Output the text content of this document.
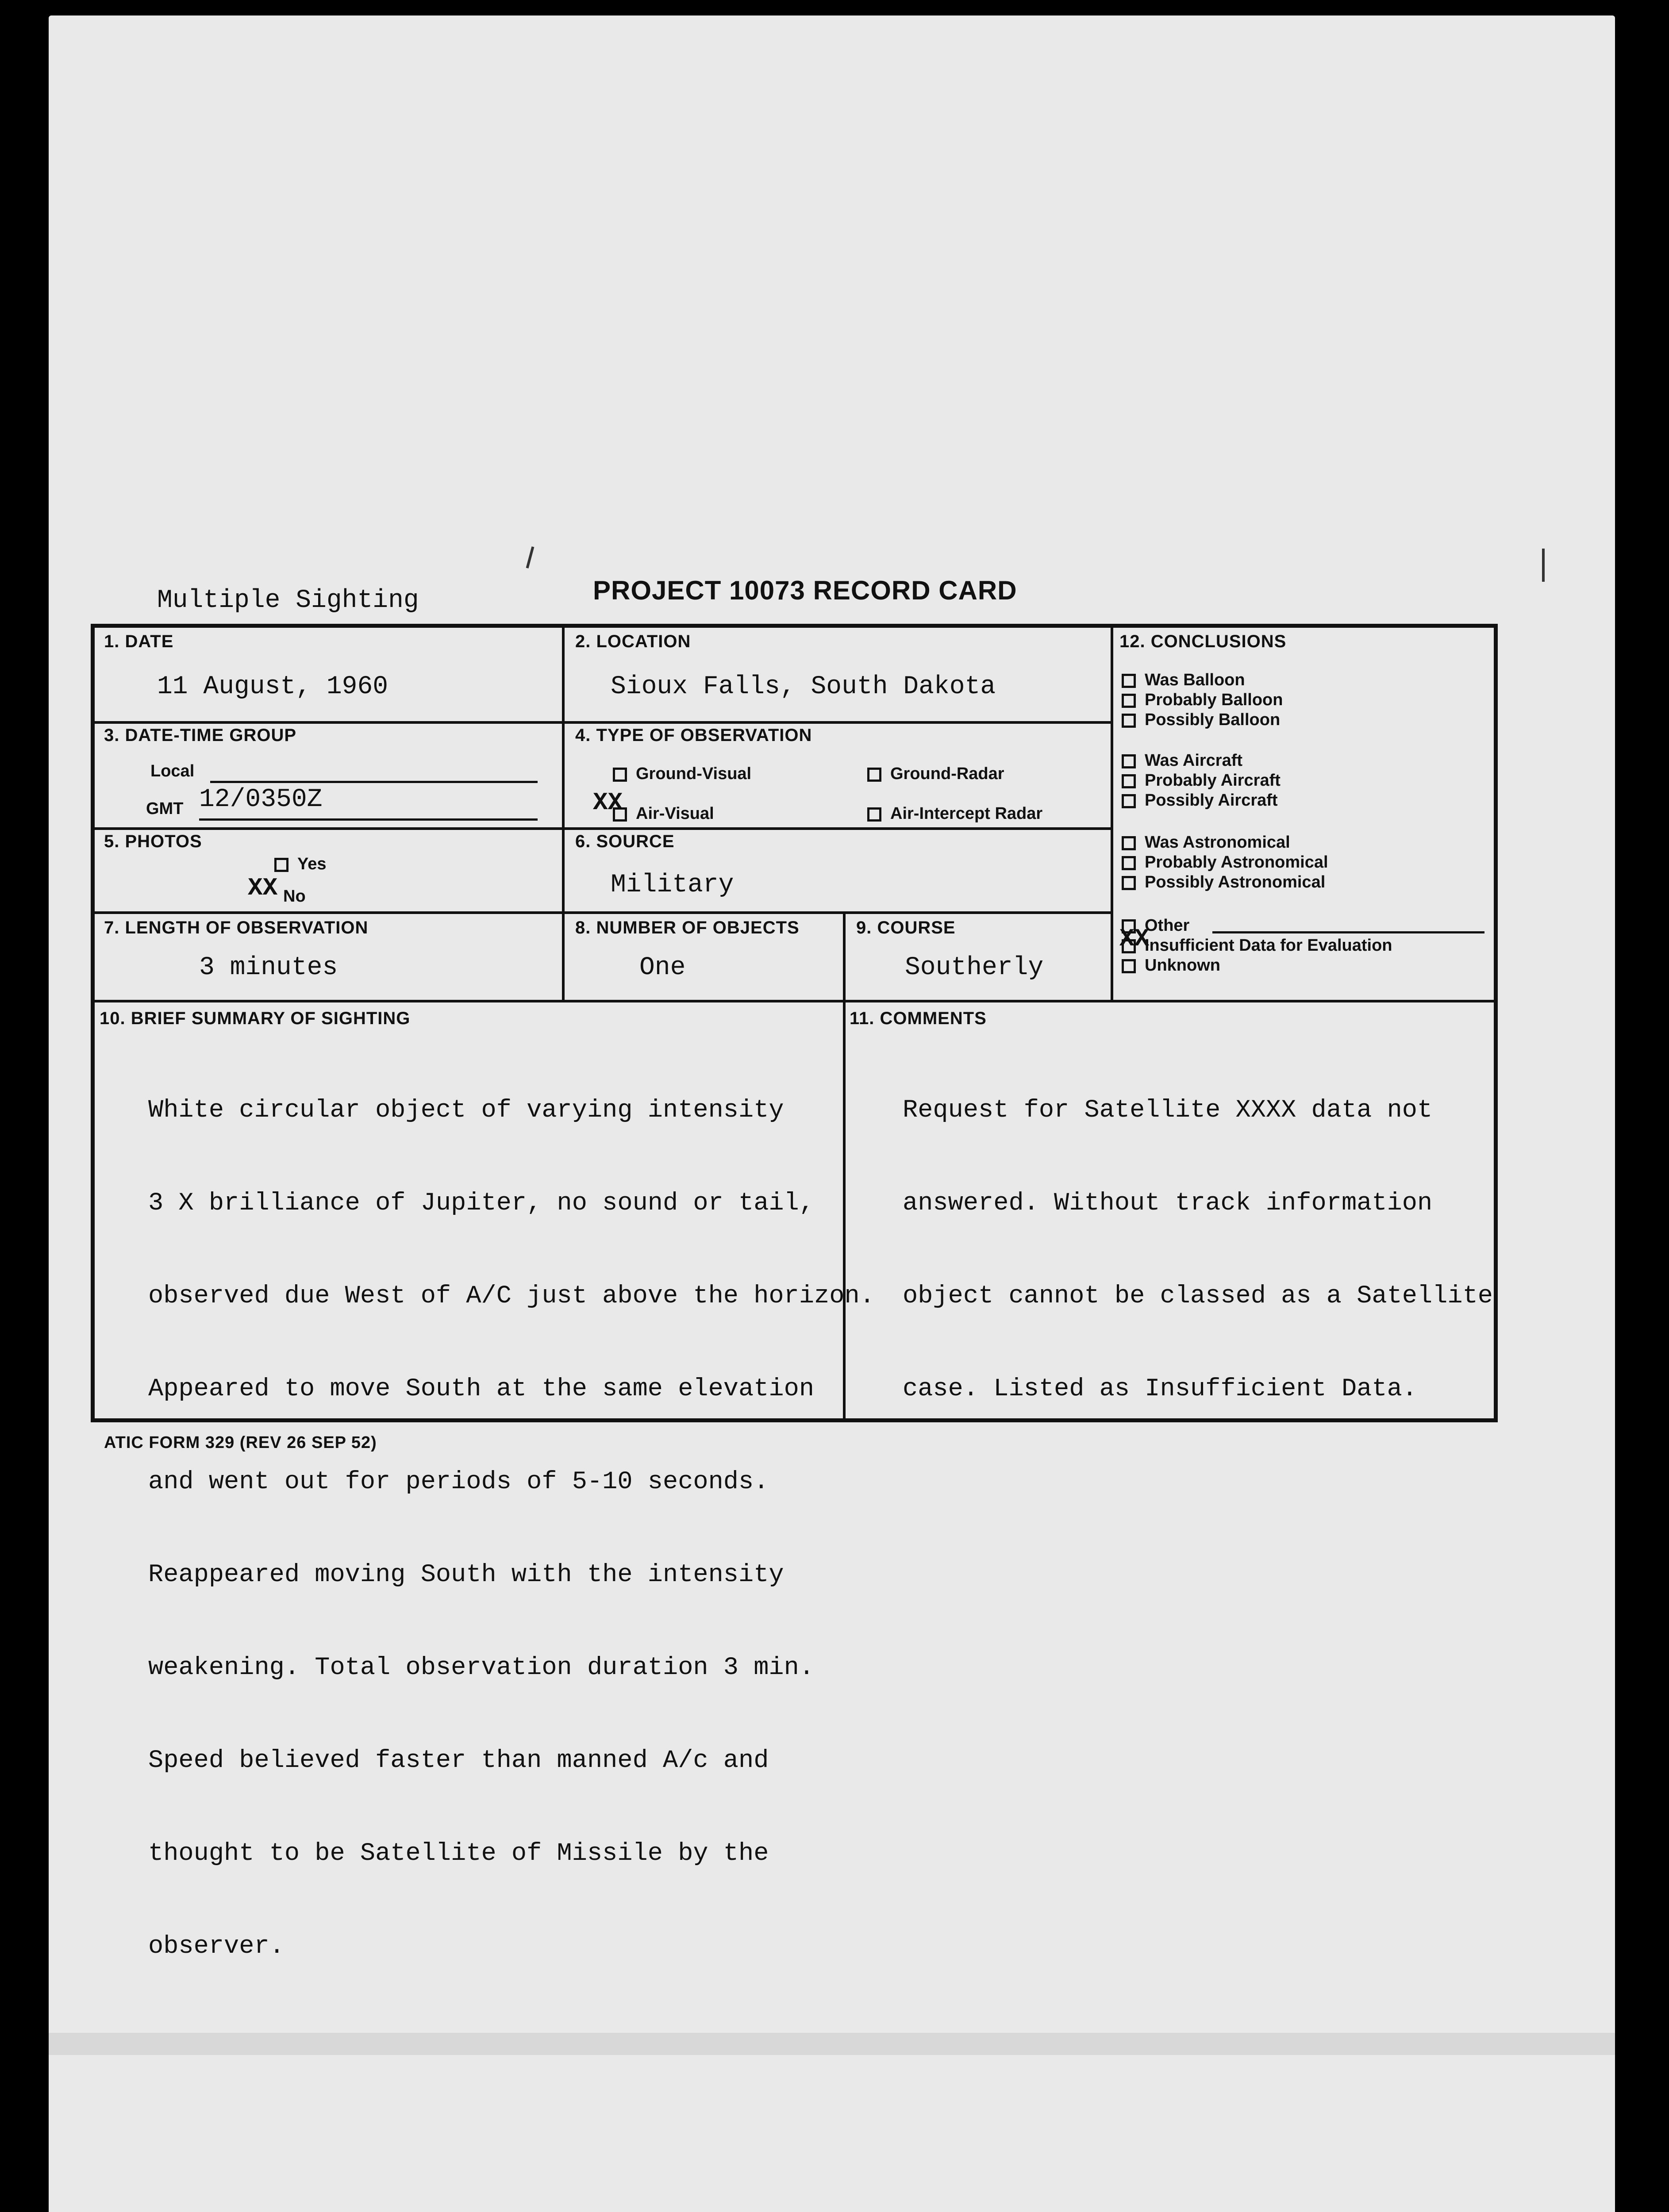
Multiple Sighting	PROJECT 10073 RECORD CARD
1. DATE
11 August, 1960
2. LOCATION
Sioux Falls, South Dakota
3. DATE-TIME GROUP
Local
GMT 12/0350Z
4. TYPE OF OBSERVATION
Ground-Visual	Ground-Radar
XX Air-Visual	Air-Intercept Radar
5. PHOTOS
Yes
XX No
6. SOURCE
Military
7. LENGTH OF OBSERVATION
3 minutes
8. NUMBER OF OBJECTS
One
9. COURSE
Southerly
10. BRIEF SUMMARY OF SIGHTING

White circular object of varying intensity

3 X brilliance of Jupiter, no sound or tail,

observed due West of A/C just above the horizon.

Appeared to move South at the same elevation

and went out for periods of 5-10 seconds.

Reappeared moving South with the intensity

weakening. Total observation duration 3 min.

Speed believed faster than manned A/c and

thought to be Satellite of Missile by the

observer.

11. COMMENTS

Request for Satellite XXXX data not

answered. Without track information

object cannot be classed as a Satellite

case. Listed as Insufficient Data.

12. CONCLUSIONS
Was Balloon
Probably Balloon
Possibly Balloon
Was Aircraft
Probably Aircraft
Possibly Aircraft
Was Astronomical
Probably Astronomical
Possibly Astronomical
Other
Insufficient Data for Evaluation
Unknown
XX
ATIC FORM 329 (REV 26 SEP 52)
